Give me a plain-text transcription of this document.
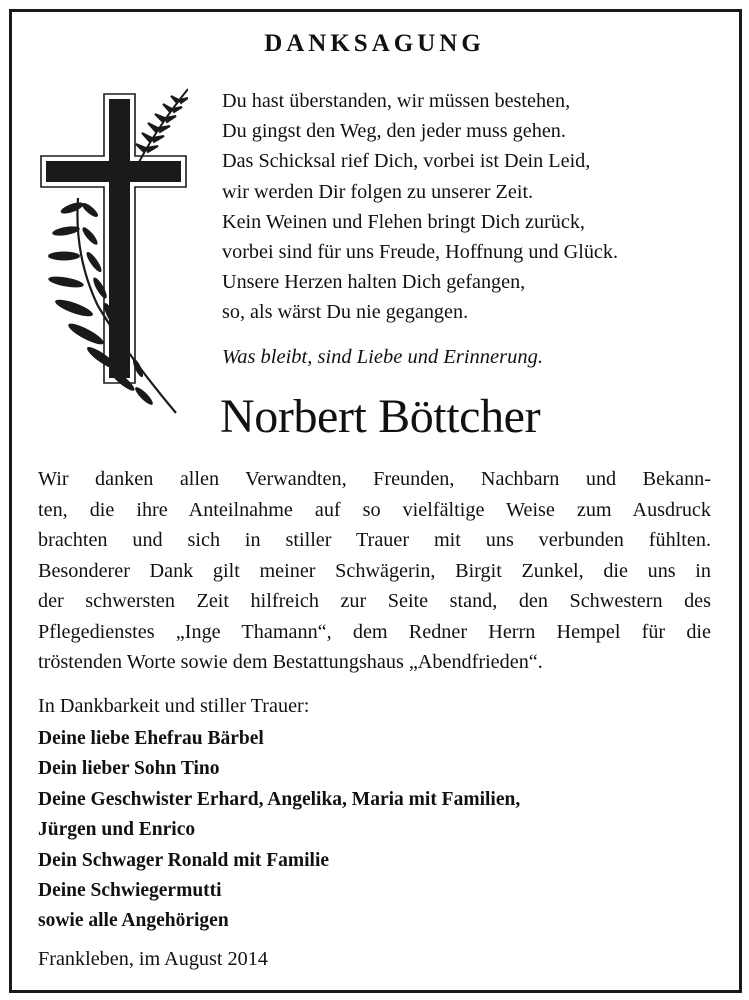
DANKSAGUNG
Du hast überstanden, wir müssen bestehen,
Du gingst den Weg, den jeder muss gehen.
Das Schicksal rief Dich, vorbei ist Dein Leid,
wir werden Dir folgen zu unserer Zeit.
Kein Weinen und Flehen bringt Dich zurück,
vorbei sind für uns Freude, Hoffnung und Glück.
Unsere Herzen halten Dich gefangen,
so, als wärst Du nie gegangen.
Was bleibt, sind Liebe und Erinnerung.
Norbert Böttcher
Wir danken allen Verwandten, Freunden, Nachbarn und Bekann-
ten, die ihre Anteilnahme auf so vielfältige Weise zum Ausdruck
brachten und sich in stiller Trauer mit uns verbunden fühlten.
Besonderer Dank gilt meiner Schwägerin, Birgit Zunkel, die uns in
der schwersten Zeit hilfreich zur Seite stand, den Schwestern des
Pflegedienstes „Inge Thamann“, dem Redner Herrn Hempel für die
tröstenden Worte sowie dem Bestattungshaus „Abendfrieden“.
In Dankbarkeit und stiller Trauer:
Deine liebe Ehefrau Bärbel
Dein lieber Sohn Tino
Deine Geschwister Erhard, Angelika, Maria mit Familien,
Jürgen und Enrico
Dein Schwager Ronald mit Familie
Deine Schwiegermutti
sowie alle Angehörigen
Frankleben, im August 2014
